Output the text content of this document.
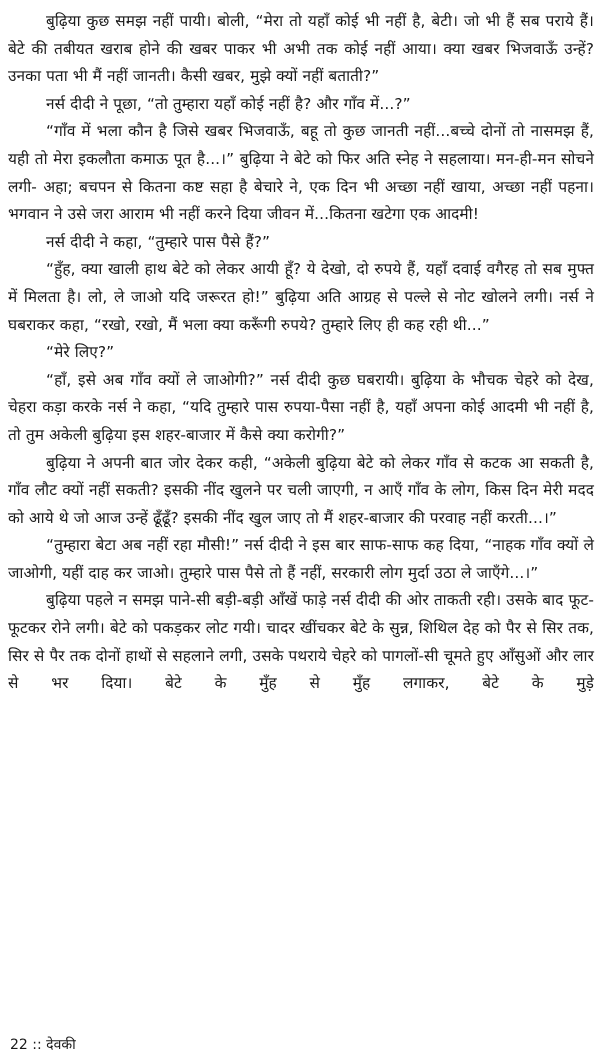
बुढ़िया कुछ समझ नहीं पायी। बोली, “मेरा तो यहाँ कोई भी नहीं है, बेटी। जो भी हैं सब पराये हैं। बेटे की तबीयत खराब होने की खबर पाकर भी अभी तक कोई नहीं आया। क्या खबर भिजवाऊँ उन्हें? उनका पता भी मैं नहीं जानती। कैसी खबर, मुझे क्यों नहीं बताती?”

नर्स दीदी ने पूछा, “तो तुम्हारा यहाँ कोई नहीं है? और गाँव में...?”

“गाँव में भला कौन है जिसे खबर भिजवाऊँ, बहू तो कुछ जानती नहीं...बच्चे दोनों तो नासमझ हैं, यही तो मेरा इकलौता कमाऊ पूत है...।” बुढ़िया ने बेटे को फिर अति स्नेह ने सहलाया। मन-ही-मन सोचने लगी- अहा; बचपन से कितना कष्ट सहा है बेचारे ने, एक दिन भी अच्छा नहीं खाया, अच्छा नहीं पहना। भगवान ने उसे जरा आराम भी नहीं करने दिया जीवन में...कितना खटेगा एक आदमी!

नर्स दीदी ने कहा, “तुम्हारे पास पैसे हैं?”

“हुँह, क्या खाली हाथ बेटे को लेकर आयी हूँ? ये देखो, दो रुपये हैं, यहाँ दवाई वगैरह तो सब मुफ्त में मिलता है। लो, ले जाओ यदि जरूरत हो!” बुढ़िया अति आग्रह से पल्ले से नोट खोलने लगी। नर्स ने घबराकर कहा, “रखो, रखो, मैं भला क्या करूँगी रुपये? तुम्हारे लिए ही कह रही थी...”

“मेरे लिए?”

“हाँ, इसे अब गाँव क्यों ले जाओगी?” नर्स दीदी कुछ घबरायी। बुढ़िया के भौचक चेहरे को देख, चेहरा कड़ा करके नर्स ने कहा, “यदि तुम्हारे पास रुपया-पैसा नहीं है, यहाँ अपना कोई आदमी भी नहीं है, तो तुम अकेली बुढ़िया इस शहर-बाजार में कैसे क्या करोगी?”

बुढ़िया ने अपनी बात जोर देकर कही, “अकेली बुढ़िया बेटे को लेकर गाँव से कटक आ सकती है, गाँव लौट क्यों नहीं सकती? इसकी नींद खुलने पर चली जाएगी, न आएँ गाँव के लोग, किस दिन मेरी मदद को आये थे जो आज उन्हें ढूँढूँ? इसकी नींद खुल जाए तो मैं शहर-बाजार की परवाह नहीं करती...।”

“तुम्हारा बेटा अब नहीं रहा मौसी!” नर्स दीदी ने इस बार साफ-साफ कह दिया, “नाहक गाँव क्यों ले जाओगी, यहीं दाह कर जाओ। तुम्हारे पास पैसे तो हैं नहीं, सरकारी लोग मुर्दा उठा ले जाएँगे...।”

बुढ़िया पहले न समझ पाने-सी बड़ी-बड़ी आँखें फाड़े नर्स दीदी की ओर ताकती रही। उसके बाद फूट-फूटकर रोने लगी। बेटे को पकड़कर लोट गयी। चादर खींचकर बेटे के सुन्न, शिथिल देह को पैर से सिर तक, सिर से पैर तक दोनों हाथों से सहलाने लगी, उसके पथराये चेहरे को पागलों-सी चूमते हुए आँसुओं और लार से भर दिया। बेटे के मुँह से मुँह लगाकर, बेटे के मुड़े

22 :: देवकी
